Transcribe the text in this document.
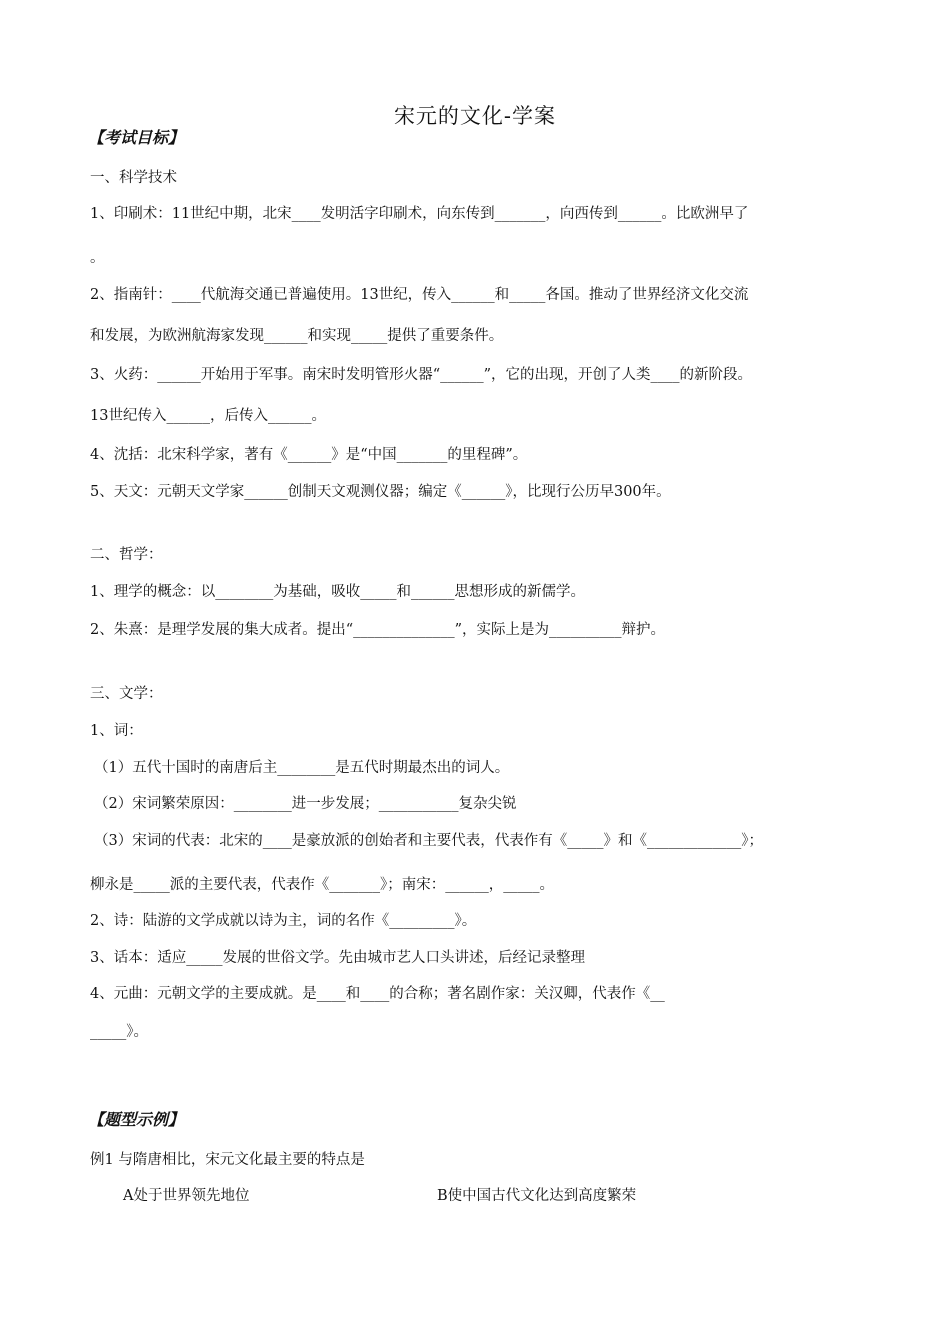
宋元的文化-学案
【考试目标】
一、科学技术
1、印刷术：11世纪中期，北宋____发明活字印刷术，向东传到_______，向西传到______。比欧洲早了
。
2、指南针：____代航海交通已普遍使用。13世纪，传入______和_____各国。推动了世界经济文化交流
和发展，为欧洲航海家发现______和实现_____提供了重要条件。
3、火药：______开始用于军事。南宋时发明管形火器“______”，它的出现，开创了人类____的新阶段。
13世纪传入______，后传入______。
4、沈括：北宋科学家，著有《______》是“中国_______的里程碑”。
5、天文：元朝天文学家______创制天文观测仪器；编定《______》，比现行公历早300年。
二、哲学：
1、理学的概念：以________为基础，吸收_____和______思想形成的新儒学。
2、朱熹：是理学发展的集大成者。提出“______________”，实际上是为__________辩护。
三、文学：
1、词：
（1）五代十国时的南唐后主________是五代时期最杰出的词人。
（2）宋词繁荣原因：________进一步发展；___________复杂尖锐
（3）宋词的代表：北宋的____是豪放派的创始者和主要代表，代表作有《_____》和《_____________》；
柳永是_____派的主要代表，代表作《_______》；南宋：______，_____。
2、诗：陆游的文学成就以诗为主，词的名作《_________》。
3、话本：适应_____发展的世俗文学。先由城市艺人口头讲述，后经记录整理
4、元曲：元朝文学的主要成就。是____和____的合称；著名剧作家：关汉卿，代表作《__
_____》。
【题型示例】
例1 与隋唐相比，宋元文化最主要的特点是
A处于世界领先地位	B使中国古代文化达到高度繁荣
